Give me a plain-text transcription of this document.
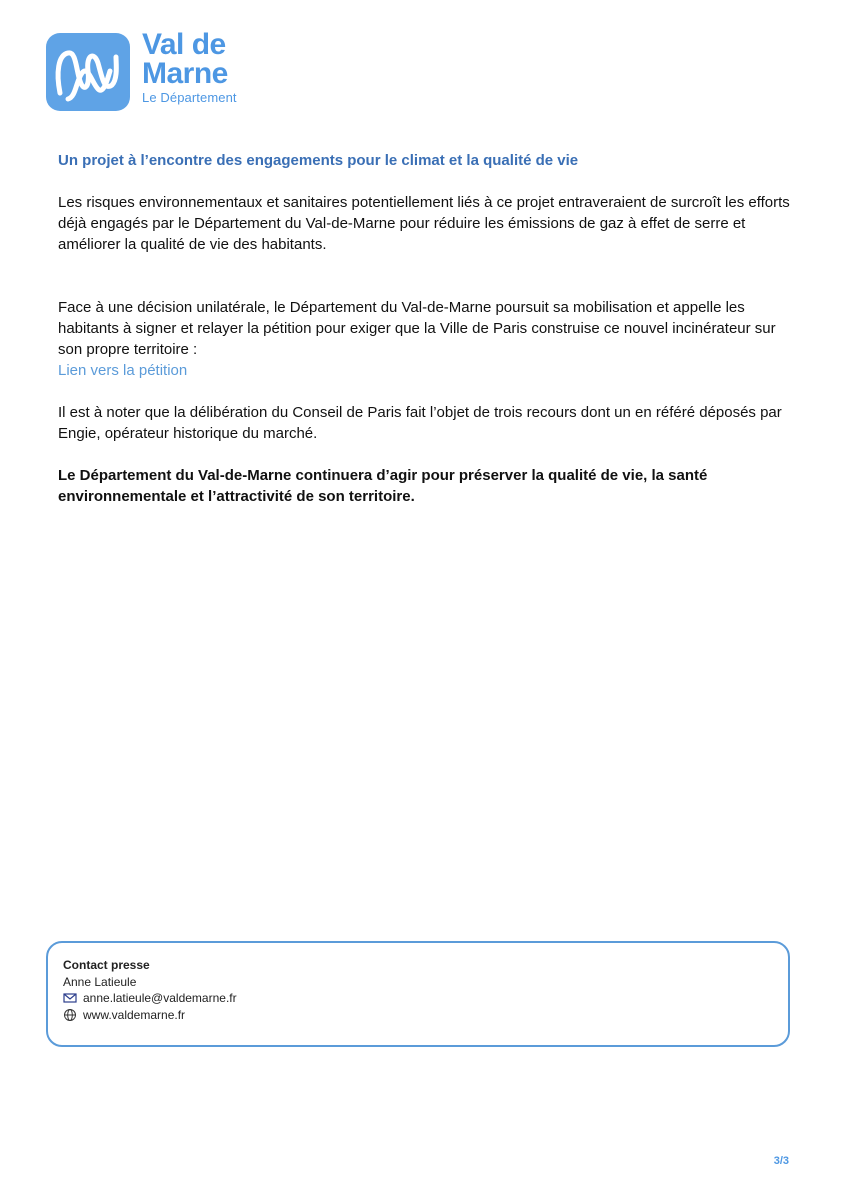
Val de
Marne
Le Département

Un projet à l’encontre des engagements pour le climat et la qualité de vie

Les risques environnementaux et sanitaires potentiellement liés à ce projet entraveraient de surcroît les efforts déjà engagés par le Département du Val-de-Marne pour réduire les émissions de gaz à effet de serre et améliorer la qualité de vie des habitants.

Face à une décision unilatérale, le Département du Val-de-Marne poursuit sa mobilisation et appelle les habitants à signer et relayer la pétition pour exiger que la Ville de Paris construise ce nouvel incinérateur sur son propre territoire :
Lien vers la pétition

Il est à noter que la délibération du Conseil de Paris fait l’objet de trois recours dont un en référé déposés par Engie, opérateur historique du marché.

Le Département du Val-de-Marne continuera d’agir pour préserver la qualité de vie, la santé environnementale et l’attractivité de son territoire.

Contact presse
Anne Latieule
anne.latieule@valdemarne.fr
www.valdemarne.fr
3/3
